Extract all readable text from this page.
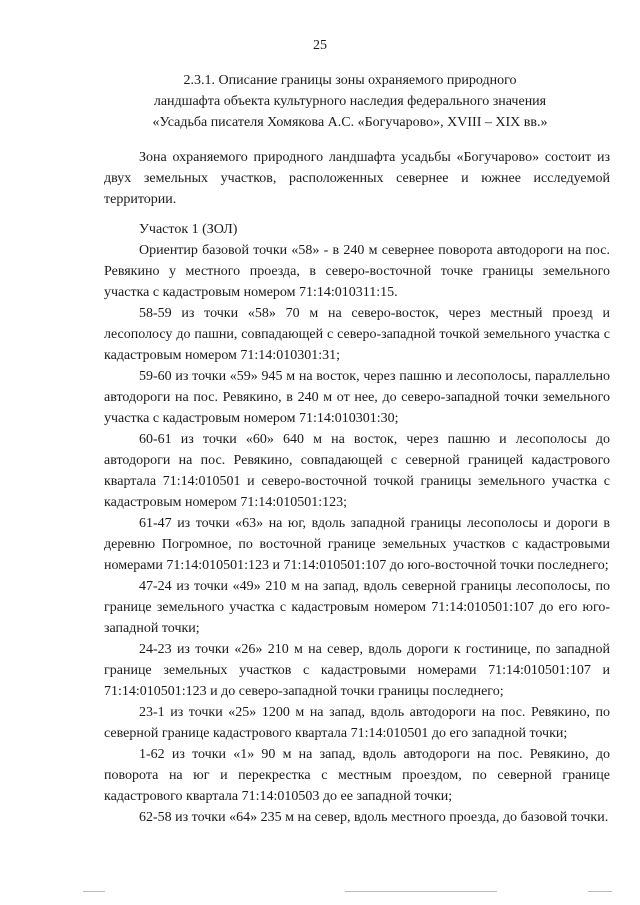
25
2.3.1. Описание границы зоны охраняемого природного
ландшафта объекта культурного наследия федерального значения
«Усадьба писателя Хомякова А.С. «Богучарово», XVIII – XIX вв.»
Зона охраняемого природного ландшафта усадьбы «Богучарово» состоит из двух земельных участков, расположенных севернее и южнее исследуемой территории.
Участок 1 (ЗОЛ)

Ориентир базовой точки «58» - в 240 м севернее поворота автодороги на пос. Ревякино у местного проезда, в северо-восточной точке границы земельного участка с кадастровым номером 71:14:010311:15.

58-59 из точки «58» 70 м на северо-восток, через местный проезд и лесополосу до пашни, совпадающей с северо-западной точкой земельного участка с кадастровым номером 71:14:010301:31;

59-60 из точки «59» 945 м на восток, через пашню и лесополосы, параллельно автодороги на пос. Ревякино, в 240 м от нее, до северо-западной точки земельного участка с кадастровым номером 71:14:010301:30;

60-61 из точки «60» 640 м на восток, через пашню и лесополосы до автодороги на пос. Ревякино, совпадающей с северной границей кадастрового квартала 71:14:010501 и северо-восточной точкой границы земельного участка с кадастровым номером 71:14:010501:123;

61-47 из точки «63» на юг, вдоль западной границы лесополосы и дороги в деревню Погромное, по восточной границе земельных участков с кадастровыми номерами 71:14:010501:123 и 71:14:010501:107 до юго-восточной точки последнего;

47-24 из точки «49» 210 м на запад, вдоль северной границы лесополосы, по границе земельного участка с кадастровым номером 71:14:010501:107 до его юго-западной точки;

24-23 из точки «26» 210 м на север, вдоль дороги к гостинице, по западной границе земельных участков с кадастровыми номерами 71:14:010501:107 и 71:14:010501:123 и до северо-западной точки границы последнего;

23-1 из точки «25» 1200 м на запад, вдоль автодороги на пос. Ревякино, по северной границе кадастрового квартала 71:14:010501 до его западной точки;

1-62 из точки «1» 90 м на запад, вдоль автодороги на пос. Ревякино, до поворота на юг и перекрестка с местным проездом, по северной границе кадастрового квартала 71:14:010503 до ее западной точки;

62-58 из точки «64» 235 м на север, вдоль местного проезда, до базовой точки.
